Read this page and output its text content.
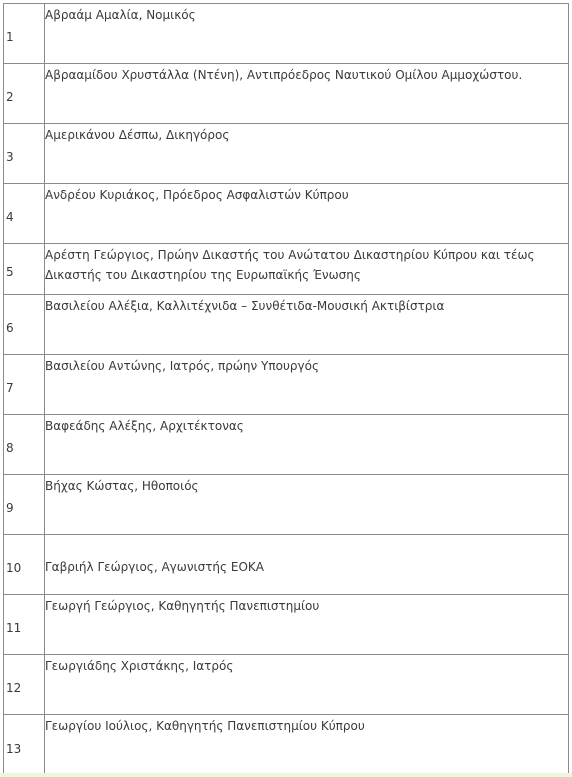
1	Αβραάμ Αμαλία, Νομικός
2	Αβρααμίδου Χρυστάλλα (Ντένη), Αντιπρόεδρος Ναυτικού Ομίλου Αμμοχώστου.
3	Αμερικάνου Δέσπω, Δικηγόρος
4	Ανδρέου Κυριάκος, Πρόεδρος Ασφαλιστών Κύπρου
5	Αρέστη Γεώργιος, Πρώην Δικαστής του Ανώτατου Δικαστηρίου Κύπρου και τέως Δικαστής του Δικαστηρίου της Ευρωπαϊκής Ένωσης
6	Βασιλείου Αλέξια, Καλλιτέχνιδα – Συνθέτιδα-Μουσική Ακτιβίστρια
7	Βασιλείου Αντώνης, Ιατρός, πρώην Υπουργός
8	Βαφεάδης Αλέξης, Αρχιτέκτονας
9	Βήχας Κώστας, Ηθοποιός
10	Γαβριήλ Γεώργιος, Αγωνιστής ΕΟΚΑ
11	Γεωργή Γεώργιος, Καθηγητής Πανεπιστημίου
12	Γεωργιάδης Χριστάκης, Ιατρός
13	Γεωργίου Ιούλιος, Καθηγητής Πανεπιστημίου Κύπρου
